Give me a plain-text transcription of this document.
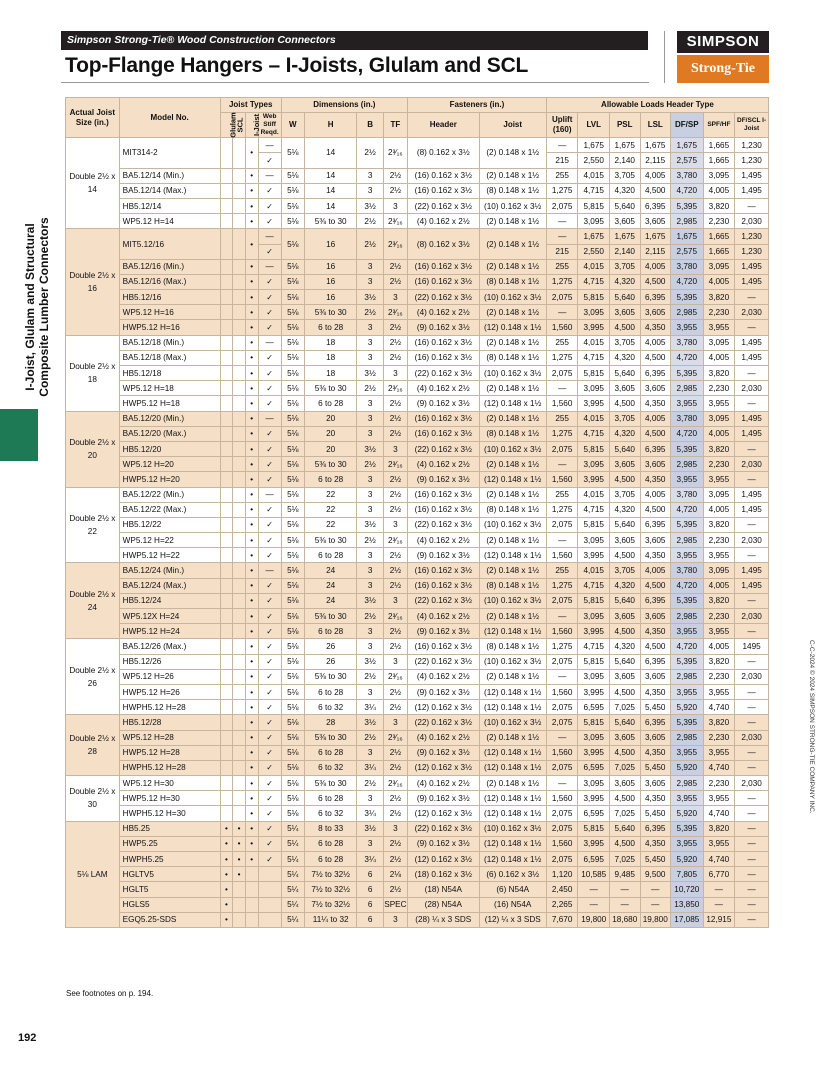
Simpson Strong-Tie® Wood Construction Connectors
Top-Flange Hangers – I-Joists, Glulam and SCL
SIMPSON
Strong-Tie
I-Joist, Glulam and Structural Composite Lumber Connectors
C-C-2024 © 2024 SIMPSON STRONG-TIE COMPANY INC.
Actual Joist Size (in.)	Model No.	Joist Types				Dimensions (in.)				Fasteners (in.)		Allowable Loads Header Type						
		Glulam	SCL	I-Joist	Web Stiff Reqd.	W	H	B	TF	Header	Joist	Uplift (160)	LVL	PSL	LSL	DF/SP	SPF/HF	DF/SCL I-Joist
Double 2½ x 14	MIT314-2			•	—	5⅛	14	2½	2³⁄₁₆	(8) 0.162 x 3½	(2) 0.148 x 1½	—	1,675	1,675	1,675	1,675	1,665	1,230
					✓							215	2,550	2,140	2,115	2,575	1,665	1,230
	BA5.12/14 (Min.)			•	—	5⅛	14	3	2½	(16) 0.162 x 3½	(2) 0.148 x 1½	255	4,015	3,705	4,005	3,780	3,095	1,495
	BA5.12/14 (Max.)			•	✓	5⅛	14	3	2½	(16) 0.162 x 3½	(8) 0.148 x 1½	1,275	4,715	4,320	4,500	4,720	4,005	1,495
	HB5.12/14			•	✓	5⅛	14	3½	3	(22) 0.162 x 3½	(10) 0.162 x 3½	2,075	5,815	5,640	6,395	5,395	3,820	—
	WP5.12 H=14			•	✓	5⅛	5⅜ to 30	2½	2³⁄₁₆	(4) 0.162 x 2½	(2) 0.148 x 1½	—	3,095	3,605	3,605	2,985	2,230	2,030
Double 2½ x 16	MIT5.12/16			•	—	5⅛	16	2½	2³⁄₁₆	(8) 0.162 x 3½	(2) 0.148 x 1½	—	1,675	1,675	1,675	1,675	1,665	1,230
					✓							215	2,550	2,140	2,115	2,575	1,665	1,230
	BA5.12/16 (Min.)			•	—	5⅛	16	3	2½	(16) 0.162 x 3½	(2) 0.148 x 1½	255	4,015	3,705	4,005	3,780	3,095	1,495
	BA5.12/16 (Max.)			•	✓	5⅛	16	3	2½	(16) 0.162 x 3½	(8) 0.148 x 1½	1,275	4,715	4,320	4,500	4,720	4,005	1,495
	HB5.12/16			•	✓	5⅛	16	3½	3	(22) 0.162 x 3½	(10) 0.162 x 3½	2,075	5,815	5,640	6,395	5,395	3,820	—
	WP5.12 H=16			•	✓	5⅛	5⅜ to 30	2½	2³⁄₁₆	(4) 0.162 x 2½	(2) 0.148 x 1½	—	3,095	3,605	3,605	2,985	2,230	2,030
	HWP5.12 H=16			•	✓	5⅛	6 to 28	3	2½	(9) 0.162 x 3½	(12) 0.148 x 1½	1,560	3,995	4,500	4,350	3,955	3,955	—
Double 2½ x 18	BA5.12/18 (Min.)			•	—	5⅛	18	3	2½	(16) 0.162 x 3½	(2) 0.148 x 1½	255	4,015	3,705	4,005	3,780	3,095	1,495
	BA5.12/18 (Max.)			•	✓	5⅛	18	3	2½	(16) 0.162 x 3½	(8) 0.148 x 1½	1,275	4,715	4,320	4,500	4,720	4,005	1,495
	HB5.12/18			•	✓	5⅛	18	3½	3	(22) 0.162 x 3½	(10) 0.162 x 3½	2,075	5,815	5,640	6,395	5,395	3,820	—
	WP5.12 H=18			•	✓	5⅛	5⅜ to 30	2½	2³⁄₁₆	(4) 0.162 x 2½	(2) 0.148 x 1½	—	3,095	3,605	3,605	2,985	2,230	2,030
	HWP5.12 H=18			•	✓	5⅛	6 to 28	3	2½	(9) 0.162 x 3½	(12) 0.148 x 1½	1,560	3,995	4,500	4,350	3,955	3,955	—
Double 2½ x 20	BA5.12/20 (Min.)			•	—	5⅛	20	3	2½	(16) 0.162 x 3½	(2) 0.148 x 1½	255	4,015	3,705	4,005	3,780	3,095	1,495
	BA5.12/20 (Max.)			•	✓	5⅛	20	3	2½	(16) 0.162 x 3½	(8) 0.148 x 1½	1,275	4,715	4,320	4,500	4,720	4,005	1,495
	HB5.12/20			•	✓	5⅛	20	3½	3	(22) 0.162 x 3½	(10) 0.162 x 3½	2,075	5,815	5,640	6,395	5,395	3,820	—
	WP5.12 H=20			•	✓	5⅛	5⅜ to 30	2½	2³⁄₁₆	(4) 0.162 x 2½	(2) 0.148 x 1½	—	3,095	3,605	3,605	2,985	2,230	2,030
	HWP5.12 H=20			•	✓	5⅛	6 to 28	3	2½	(9) 0.162 x 3½	(12) 0.148 x 1½	1,560	3,995	4,500	4,350	3,955	3,955	—
Double 2½ x 22	BA5.12/22 (Min.)			•	—	5⅛	22	3	2½	(16) 0.162 x 3½	(2) 0.148 x 1½	255	4,015	3,705	4,005	3,780	3,095	1,495
	BA5.12/22 (Max.)			•	✓	5⅛	22	3	2½	(16) 0.162 x 3½	(8) 0.148 x 1½	1,275	4,715	4,320	4,500	4,720	4,005	1,495
	HB5.12/22			•	✓	5⅛	22	3½	3	(22) 0.162 x 3½	(10) 0.162 x 3½	2,075	5,815	5,640	6,395	5,395	3,820	—
	WP5.12 H=22			•	✓	5⅛	5⅜ to 30	2½	2³⁄₁₆	(4) 0.162 x 2½	(2) 0.148 x 1½	—	3,095	3,605	3,605	2,985	2,230	2,030
	HWP5.12 H=22			•	✓	5⅛	6 to 28	3	2½	(9) 0.162 x 3½	(12) 0.148 x 1½	1,560	3,995	4,500	4,350	3,955	3,955	—
Double 2½ x 24	BA5.12/24 (Min.)			•	—	5⅛	24	3	2½	(16) 0.162 x 3½	(2) 0.148 x 1½	255	4,015	3,705	4,005	3,780	3,095	1,495
	BA5.12/24 (Max.)			•	✓	5⅛	24	3	2½	(16) 0.162 x 3½	(8) 0.148 x 1½	1,275	4,715	4,320	4,500	4,720	4,005	1,495
	HB5.12/24			•	✓	5⅛	24	3½	3	(22) 0.162 x 3½	(10) 0.162 x 3½	2,075	5,815	5,640	6,395	5,395	3,820	—
	WP5.12X H=24			•	✓	5⅛	5⅜ to 30	2½	2³⁄₁₆	(4) 0.162 x 2½	(2) 0.148 x 1½	—	3,095	3,605	3,605	2,985	2,230	2,030
	HWP5.12 H=24			•	✓	5⅛	6 to 28	3	2½	(9) 0.162 x 3½	(12) 0.148 x 1½	1,560	3,995	4,500	4,350	3,955	3,955	—
Double 2½ x 26	BA5.12/26 (Max.)			•	✓	5⅛	26	3	2½	(16) 0.162 x 3½	(8) 0.148 x 1½	1,275	4,715	4,320	4,500	4,720	4,005	1495
	HB5.12/26			•	✓	5⅛	26	3½	3	(22) 0.162 x 3½	(10) 0.162 x 3½	2,075	5,815	5,640	6,395	5,395	3,820	—
	WP5.12 H=26			•	✓	5⅛	5⅜ to 30	2½	2³⁄₁₆	(4) 0.162 x 2½	(2) 0.148 x 1½	—	3,095	3,605	3,605	2,985	2,230	2,030
	HWP5.12 H=26			•	✓	5⅛	6 to 28	3	2½	(9) 0.162 x 3½	(12) 0.148 x 1½	1,560	3,995	4,500	4,350	3,955	3,955	—
	HWPH5.12 H=28			•	✓	5⅛	6 to 32	3¼	2½	(12) 0.162 x 3½	(12) 0.148 x 1½	2,075	6,595	7,025	5,450	5,920	4,740	—
Double 2½ x 28	HB5.12/28			•	✓	5⅛	28	3½	3	(22) 0.162 x 3½	(10) 0.162 x 3½	2,075	5,815	5,640	6,395	5,395	3,820	—
	WP5.12 H=28			•	✓	5⅛	5⅜ to 30	2½	2³⁄₁₆	(4) 0.162 x 2½	(2) 0.148 x 1½	—	3,095	3,605	3,605	2,985	2,230	2,030
	HWP5.12 H=28			•	✓	5⅛	6 to 28	3	2½	(9) 0.162 x 3½	(12) 0.148 x 1½	1,560	3,995	4,500	4,350	3,955	3,955	—
	HWPH5.12 H=28			•	✓	5⅛	6 to 32	3¼	2½	(12) 0.162 x 3½	(12) 0.148 x 1½	2,075	6,595	7,025	5,450	5,920	4,740	—
Double 2½ x 30	WP5.12 H=30			•	✓	5⅛	5⅜ to 30	2½	2³⁄₁₆	(4) 0.162 x 2½	(2) 0.148 x 1½	—	3,095	3,605	3,605	2,985	2,230	2,030
	HWP5.12 H=30			•	✓	5⅛	6 to 28	3	2½	(9) 0.162 x 3½	(12) 0.148 x 1½	1,560	3,995	4,500	4,350	3,955	3,955	—
	HWPH5.12 H=30			•	✓	5⅛	6 to 32	3¼	2½	(12) 0.162 x 3½	(12) 0.148 x 1½	2,075	6,595	7,025	5,450	5,920	4,740	—
5⅛ LAM	HB5.25	•	•	•	✓	5¼	8 to 33	3½	3	(22) 0.162 x 3½	(10) 0.162 x 3½	2,075	5,815	5,640	6,395	5,395	3,820	—
	HWP5.25	•	•	•	✓	5¼	6 to 28	3	2½	(9) 0.162 x 3½	(12) 0.148 x 1½	1,560	3,995	4,500	4,350	3,955	3,955	—
	HWPH5.25	•	•	•	✓	5¼	6 to 28	3¼	2½	(12) 0.162 x 3½	(12) 0.148 x 1½	2,075	6,595	7,025	5,450	5,920	4,740	—
	HGLTV5	•	•			5¼	7½ to 32½	6	2⅛	(18) 0.162 x 3½	(6) 0.162 x 3½	1,120	10,585	9,485	9,500	7,805	6,770	—
	HGLT5	•				5¼	7½ to 32½	6	2½	(18) N54A	(6) N54A	2,450	—	—	—	10,720	—	—
	HGLS5	•				5¼	7½ to 32½	6	SPEC	(28) N54A	(16) N54A	2,265	—	—	—	13,850	—	—
	EGQ5.25-SDS	•				5¼	11¼ to 32	6	3	(28) ¼ x 3 SDS	(12) ¼ x 3 SDS	7,670	19,800	18,680	19,800	17,085	12,915	—
See footnotes on p. 194.
192
